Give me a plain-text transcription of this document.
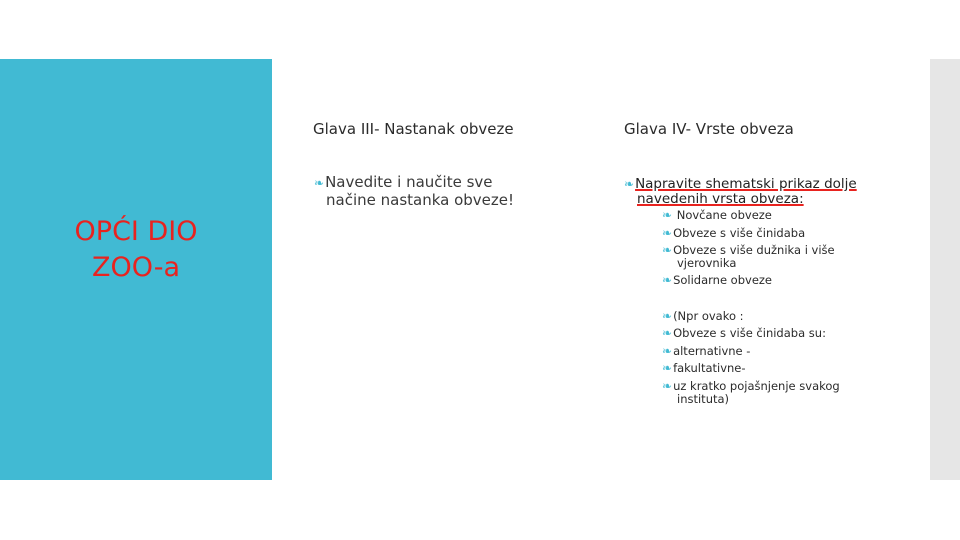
OPĆI DIO
ZOO-a
Glava III- Nastanak obveze
❧Navedite i naučite sve
načine nastanka obveze!
Glava IV- Vrste obveza
❧Napravite shematski prikaz dolje
navedenih vrsta obveza:
❧ Novčane obveze
❧Obveze s više činidaba
❧Obveze s više dužnika i više
vjerovnika
❧Solidarne obveze
❧(Npr ovako :
❧Obveze s više činidaba su:
❧alternativne -
❧fakultativne-
❧uz kratko pojašnjenje svakog
instituta)
